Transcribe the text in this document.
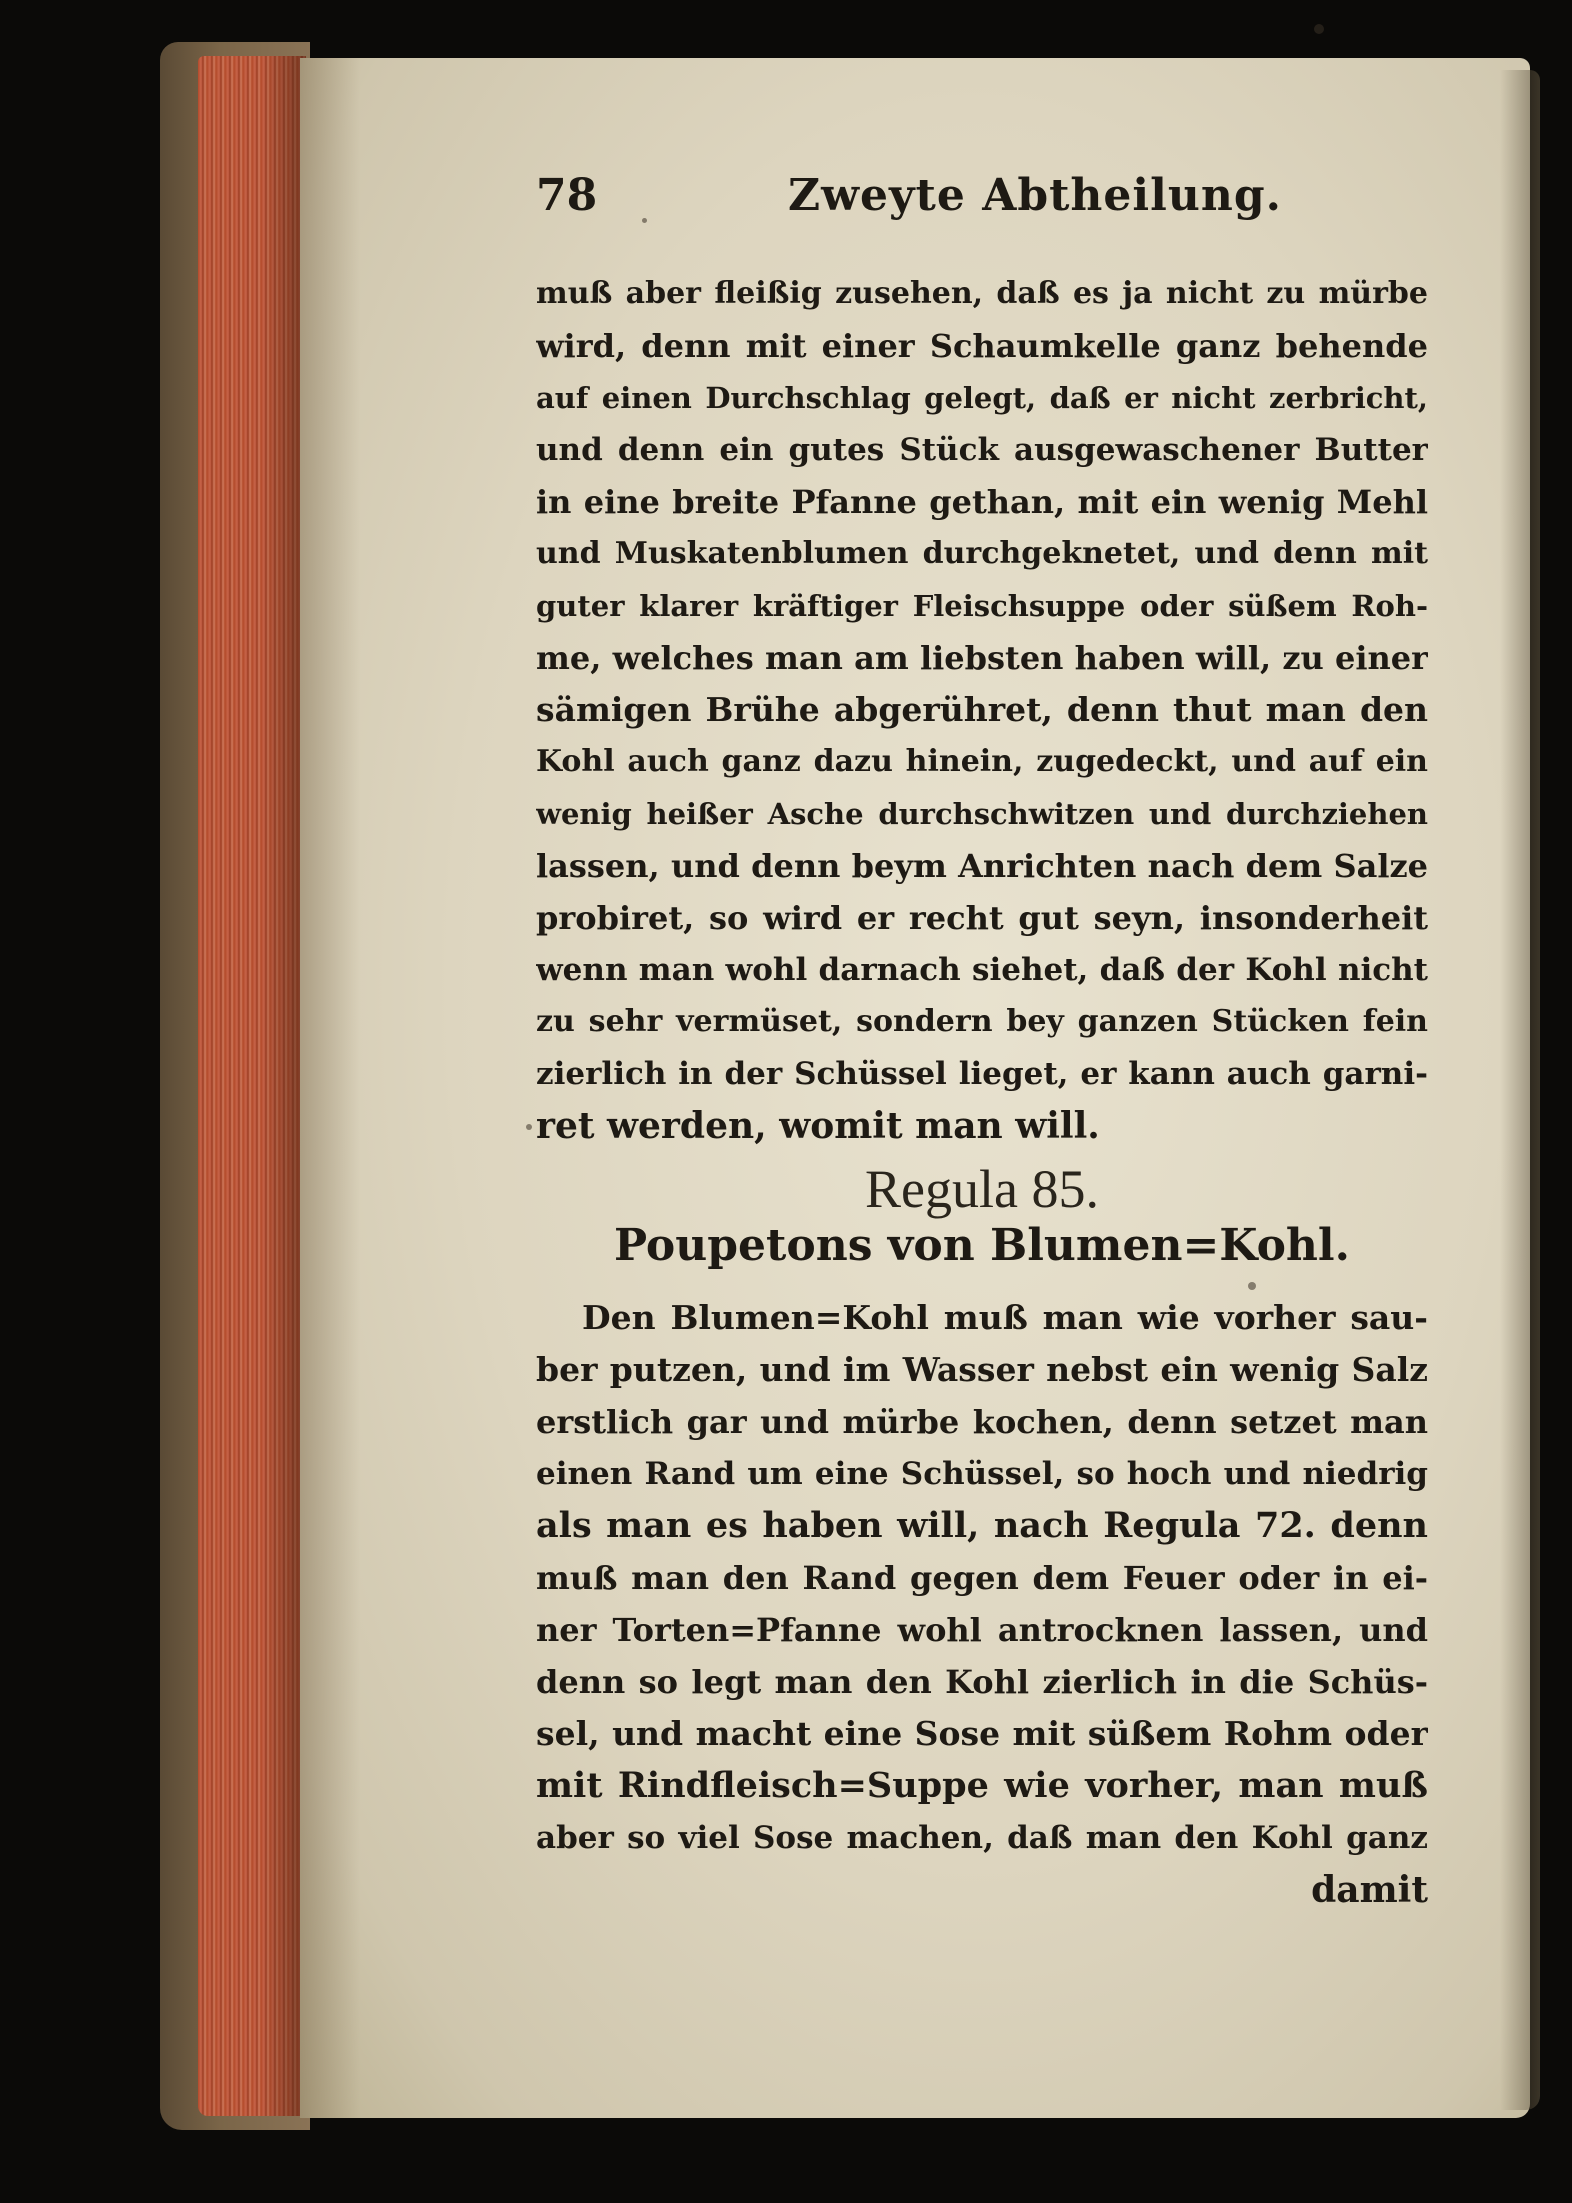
78	Zweyte Abtheilung.
muß aber fleißig zusehen, daß es ja nicht zu mürbe
wird, denn mit einer Schaumkelle ganz behende
auf einen Durchschlag gelegt, daß er nicht zerbricht,
und denn ein gutes Stück ausgewaschener Butter
in eine breite Pfanne gethan, mit ein wenig Mehl
und Muskatenblumen durchgeknetet, und denn mit
guter klarer kräftiger Fleischsuppe oder süßem Roh-
me, welches man am liebsten haben will, zu einer
sämigen Brühe abgerühret, denn thut man den
Kohl auch ganz dazu hinein, zugedeckt, und auf ein
wenig heißer Asche durchschwitzen und durchziehen
lassen, und denn beym Anrichten nach dem Salze
probiret, so wird er recht gut seyn, insonderheit
wenn man wohl darnach siehet, daß der Kohl nicht
zu sehr vermüset, sondern bey ganzen Stücken fein
zierlich in der Schüssel lieget, er kann auch garni-
ret werden, womit man will.
Regula 85.
Poupetons von Blumen=Kohl.
Den Blumen=Kohl muß man wie vorher sau-
ber putzen, und im Wasser nebst ein wenig Salz
erstlich gar und mürbe kochen, denn setzet man
einen Rand um eine Schüssel, so hoch und niedrig
als man es haben will, nach Regula 72. denn
muß man den Rand gegen dem Feuer oder in ei-
ner Torten=Pfanne wohl antrocknen lassen, und
denn so legt man den Kohl zierlich in die Schüs-
sel, und macht eine Sose mit süßem Rohm oder
mit Rindfleisch=Suppe wie vorher, man muß
aber so viel Sose machen, daß man den Kohl ganz
damit
